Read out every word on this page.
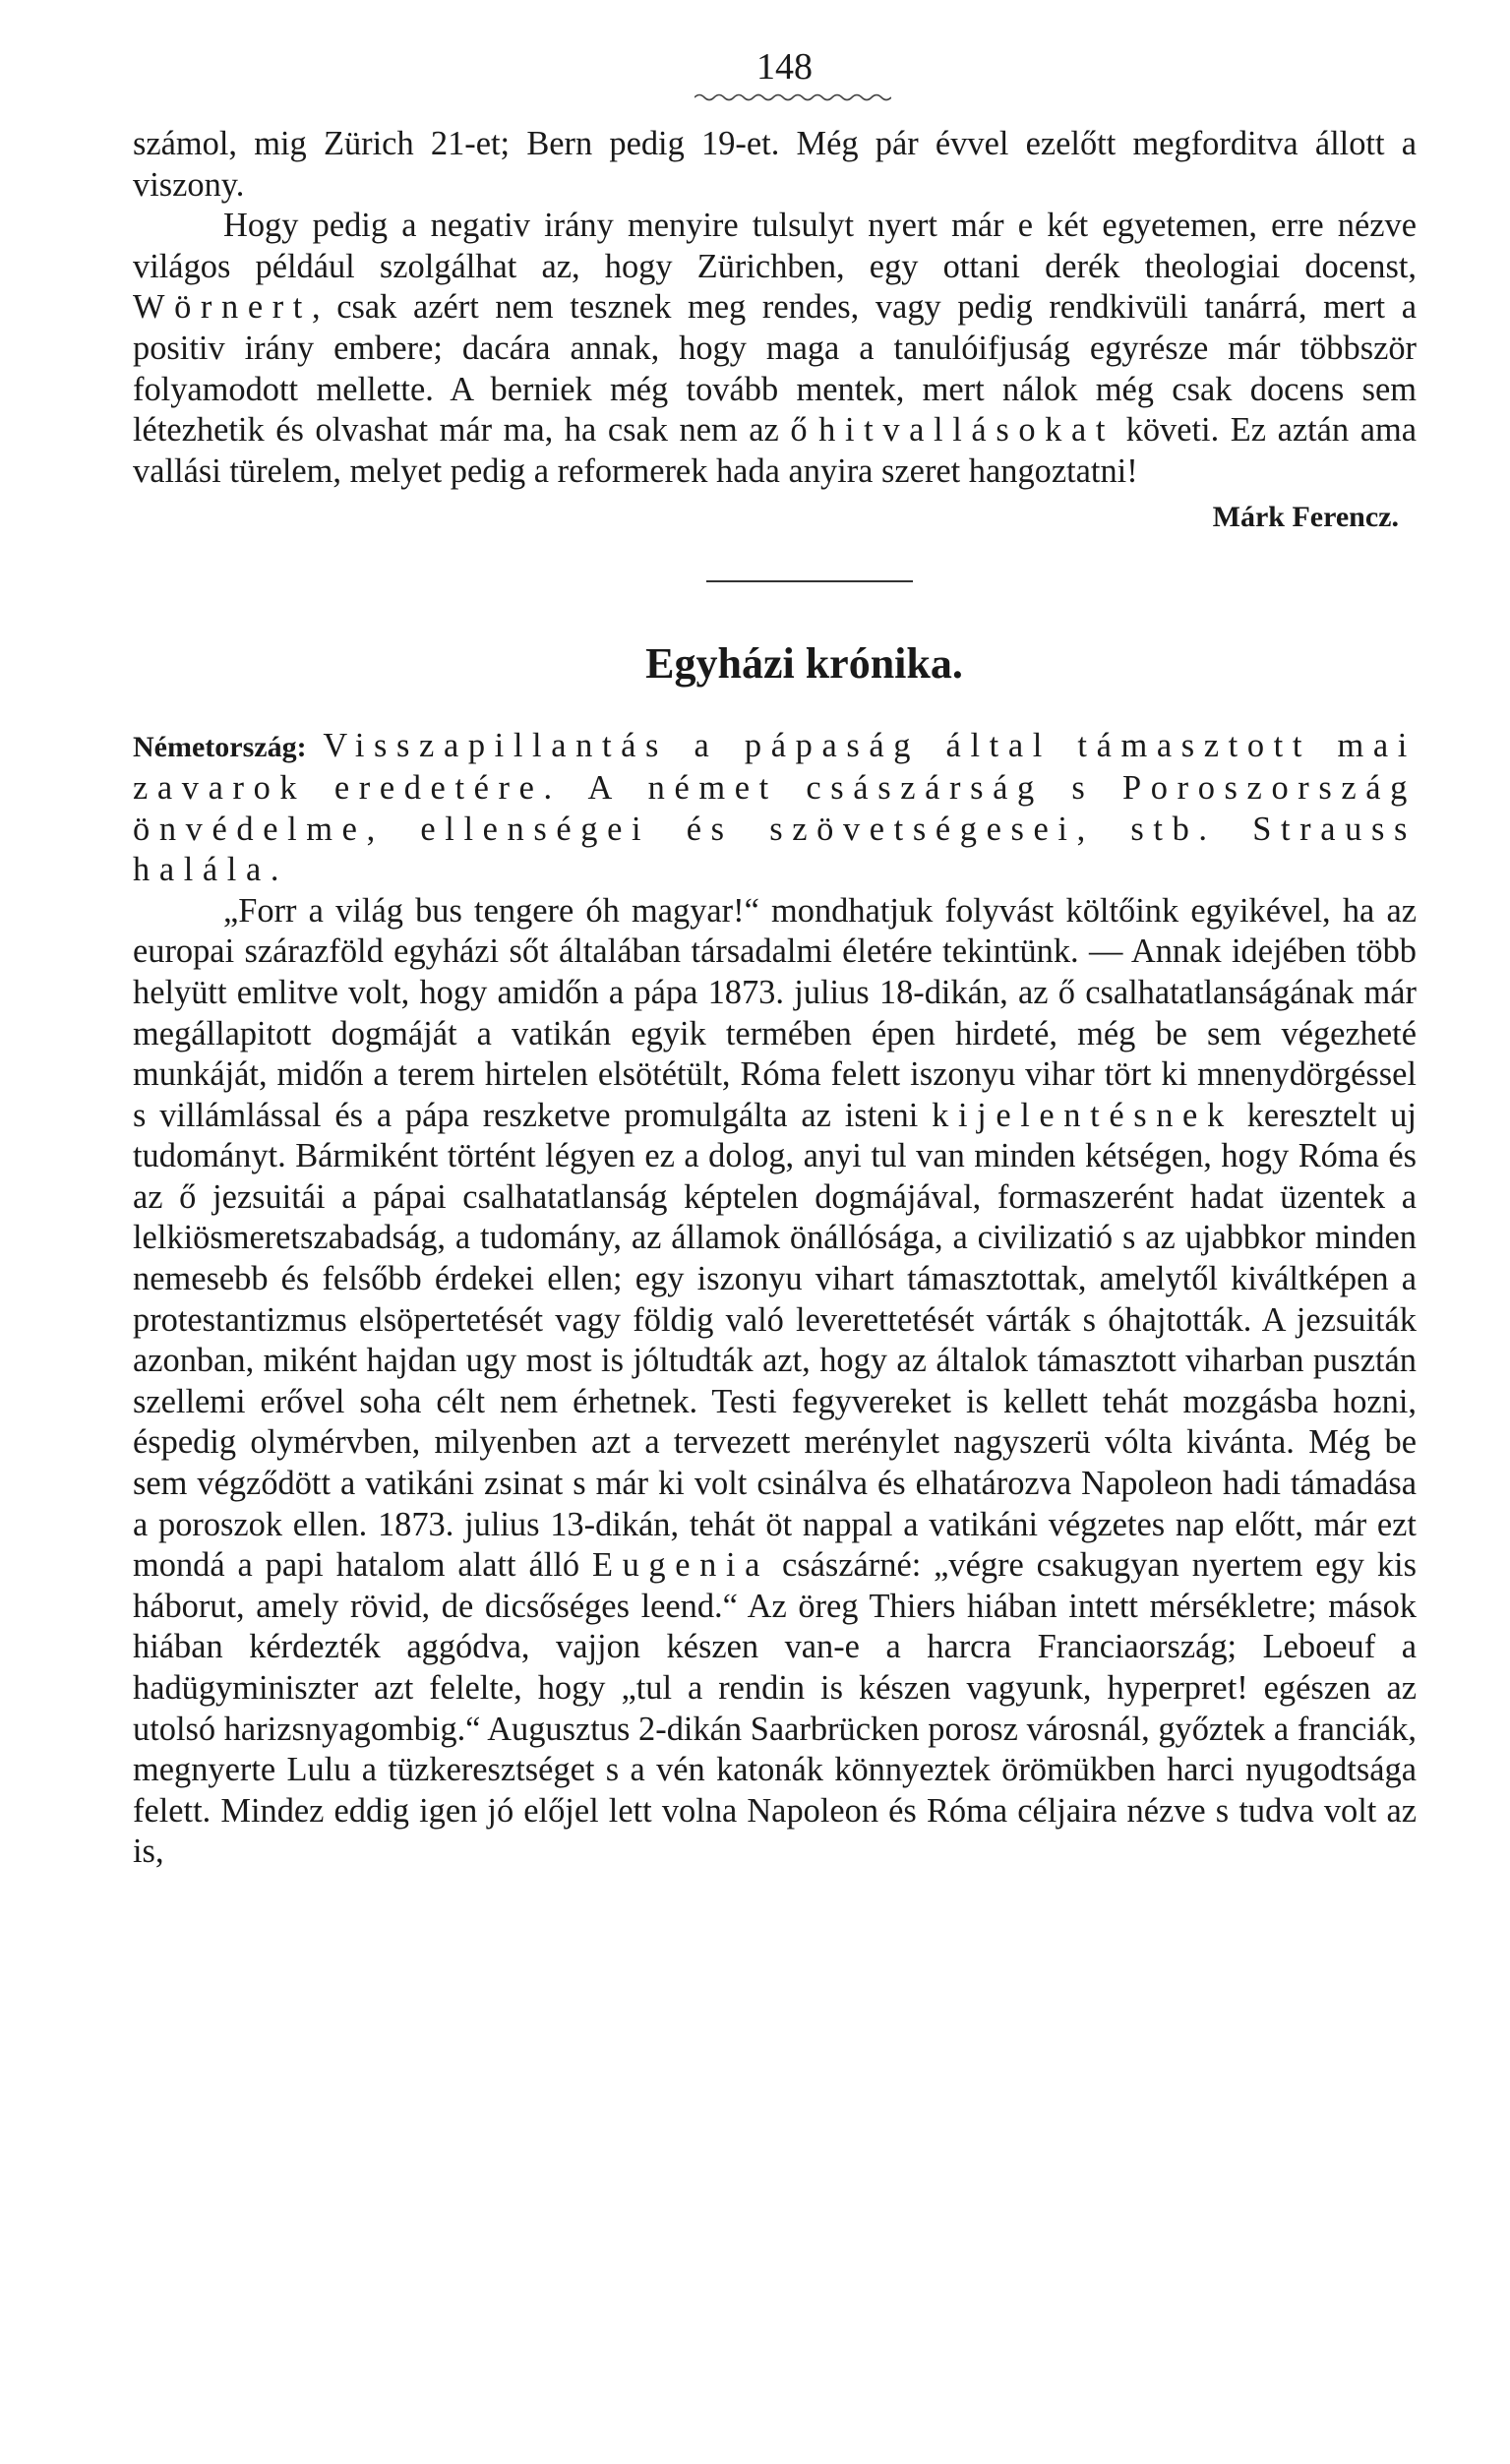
148

számol, mig Zürich 21-et; Bern pedig 19-et. Még pár évvel ezelőtt megforditva állott a viszony.

Hogy pedig a negativ irány menyire tulsulyt nyert már e két egyetemen, erre nézve világos például szolgálhat az, hogy Zürichben, egy ottani derék theologiai docenst, Wörnert, csak azért nem tesznek meg rendes, vagy pedig rendkivüli tanárrá, mert a positiv irány embere; dacára annak, hogy maga a tanulóifjuság egyrésze már többször folyamodott mellette. A berniek még tovább mentek, mert nálok még csak docens sem létezhetik és olvashat már ma, ha csak nem az ő hitvallásokat követi. Ez aztán ama vallási türelem, melyet pedig a reformerek hada anyira szeret hangoztatni!

Márk Ferencz.
Egyházi krónika.

Németország: Visszapillantás a pápaság által támasztott mai zavarok eredetére. A német császárság s Poroszország önvédelme, ellenségei és szövetségesei, stb. Strauss halála.

„Forr a világ bus tengere óh magyar!“ mondhatjuk folyvást költőink egyikével, ha az europai szárazföld egyházi sőt általában társadalmi életére tekintünk. — Annak idejében több helyütt emlitve volt, hogy amidőn a pápa 1873. julius 18-dikán, az ő csalhatatlanságának már megállapitott dogmáját a vatikán egyik termében épen hirdeté, még be sem végezheté munkáját, midőn a terem hirtelen elsötétült, Róma felett iszonyu vihar tört ki mnenydörgéssel s villámlással és a pápa reszketve promulgálta az isteni kijelentésnek keresztelt uj tudományt. Bármiként történt légyen ez a dolog, anyi tul van minden kétségen, hogy Róma és az ő jezsuitái a pápai csalhatatlanság képtelen dogmájával, formaszerént hadat üzentek a lelkiösmeretszabadság, a tudomány, az államok önállósága, a civilizatió s az ujabbkor minden nemesebb és felsőbb érdekei ellen; egy iszonyu vihart támasztottak, amelytől kiváltképen a protestantizmus elsöpertetését vagy földig való leverettetését várták s óhajtották. A jezsuiták azonban, miként hajdan ugy most is jóltudták azt, hogy az általok támasztott viharban pusztán szellemi erővel soha célt nem érhetnek. Testi fegyvereket is kellett tehát mozgásba hozni, éspedig olymérvben, milyenben azt a tervezett merénylet nagyszerü vólta kivánta. Még be sem végződött a vatikáni zsinat s már ki volt csinálva és elhatározva Napoleon hadi támadása a poroszok ellen. 1873. julius 13-dikán, tehát öt nappal a vatikáni végzetes nap előtt, már ezt mondá a papi hatalom alatt álló Eugenia császárné: „végre csakugyan nyertem egy kis háborut, amely rövid, de dicsőséges leend.“ Az öreg Thiers hiában intett mérsékletre; mások hiában kérdezték aggódva, vajjon készen van-e a harcra Franciaország; Leboeuf a hadügyminiszter azt felelte, hogy „tul a rendin is készen vagyunk, hyperpret! egészen az utolsó harizsnyagombig.“ Augusztus 2-dikán Saarbrücken porosz városnál, győztek a franciák, megnyerte Lulu a tüzkeresztséget s a vén katonák könnyeztek örömükben harci nyugodtsága felett. Mindez eddig igen jó előjel lett volna Napoleon és Róma céljaira nézve s tudva volt az is,
